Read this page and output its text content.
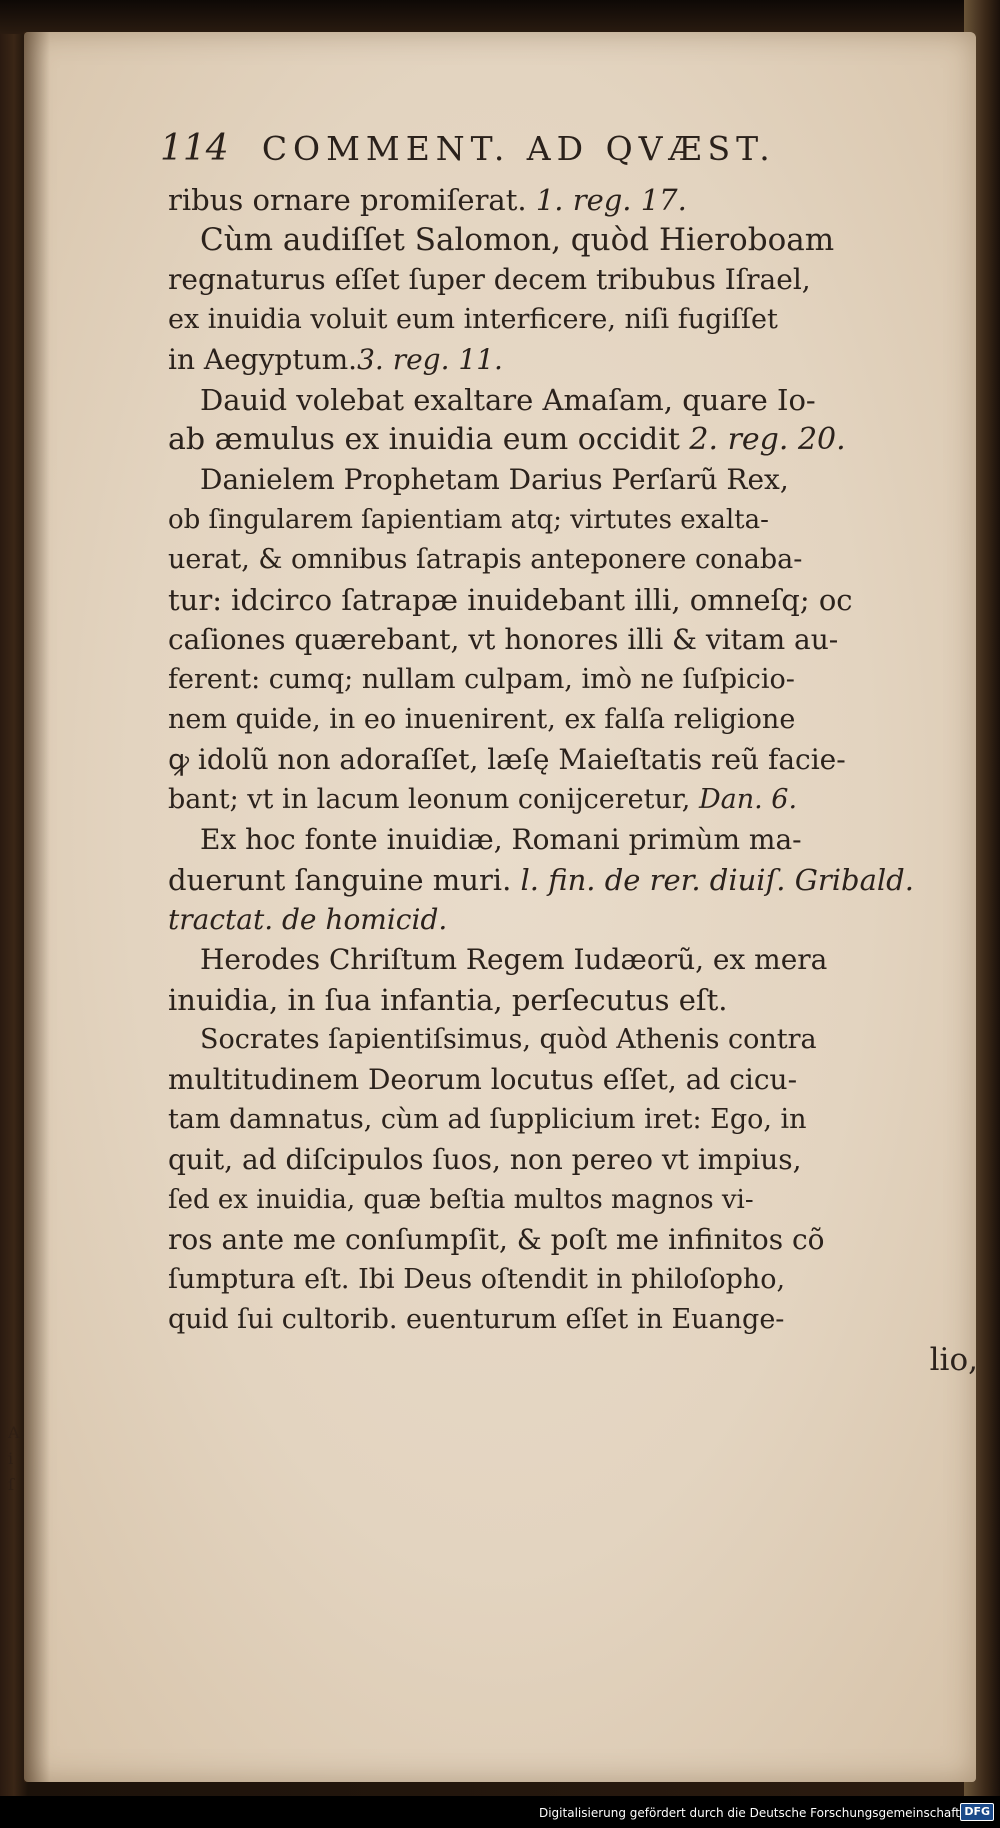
A
i
ſ
114 COMMENT. AD QVÆST.
ribus ornare promiſerat. 1. reg. 17.
Cùm audiſſet Salomon, quòd Hieroboam
regnaturus eſſet ſuper decem tribubus Iſrael,
ex inuidia voluit eum interficere, niſi fugiſſet
in Aegyptum.3. reg. 11.
Dauid volebat exaltare Amaſam, quare Io-
ab æmulus ex inuidia eum occidit 2. reg. 20.
Danielem Prophetam Darius Perſarũ Rex,
ob ſingularem ſapientiam atq; virtutes exalta-
uerat, & omnibus ſatrapis anteponere conaba-
tur: idcirco ſatrapæ inuidebant illi, omneſq; oc
caſiones quærebant, vt honores illi & vitam au-
ferent: cumq; nullam culpam, imò ne ſuſpicio-
nem quide, in eo inuenirent, ex falſa religione
ꝙ idolũ non adoraſſet, læſę Maieſtatis reũ facie-
bant; vt in lacum leonum conijceretur, Dan. 6.
Ex hoc fonte inuidiæ, Romani primùm ma-
duerunt ſanguine muri. l. fin. de rer. diuiſ. Gribald.
tractat. de homicid.
Herodes Chriſtum Regem Iudæorũ, ex mera
inuidia, in ſua infantia, perſecutus eſt.
Socrates ſapientiſsimus, quòd Athenis contra
multitudinem Deorum locutus eſſet, ad cicu-
tam damnatus, cùm ad ſupplicium iret: Ego, in
quit, ad diſcipulos ſuos, non pereo vt impius,
ſed ex inuidia, quæ beſtia multos magnos vi-
ros ante me conſumpſit, & poſt me infinitos cõ
ſumptura eſt. Ibi Deus oſtendit in philoſopho,
quid ſui cultorib. euenturum eſſet in Euange-
lio,
Digitalisierung gefördert durch die Deutsche Forschungsgemeinschaft DFG
